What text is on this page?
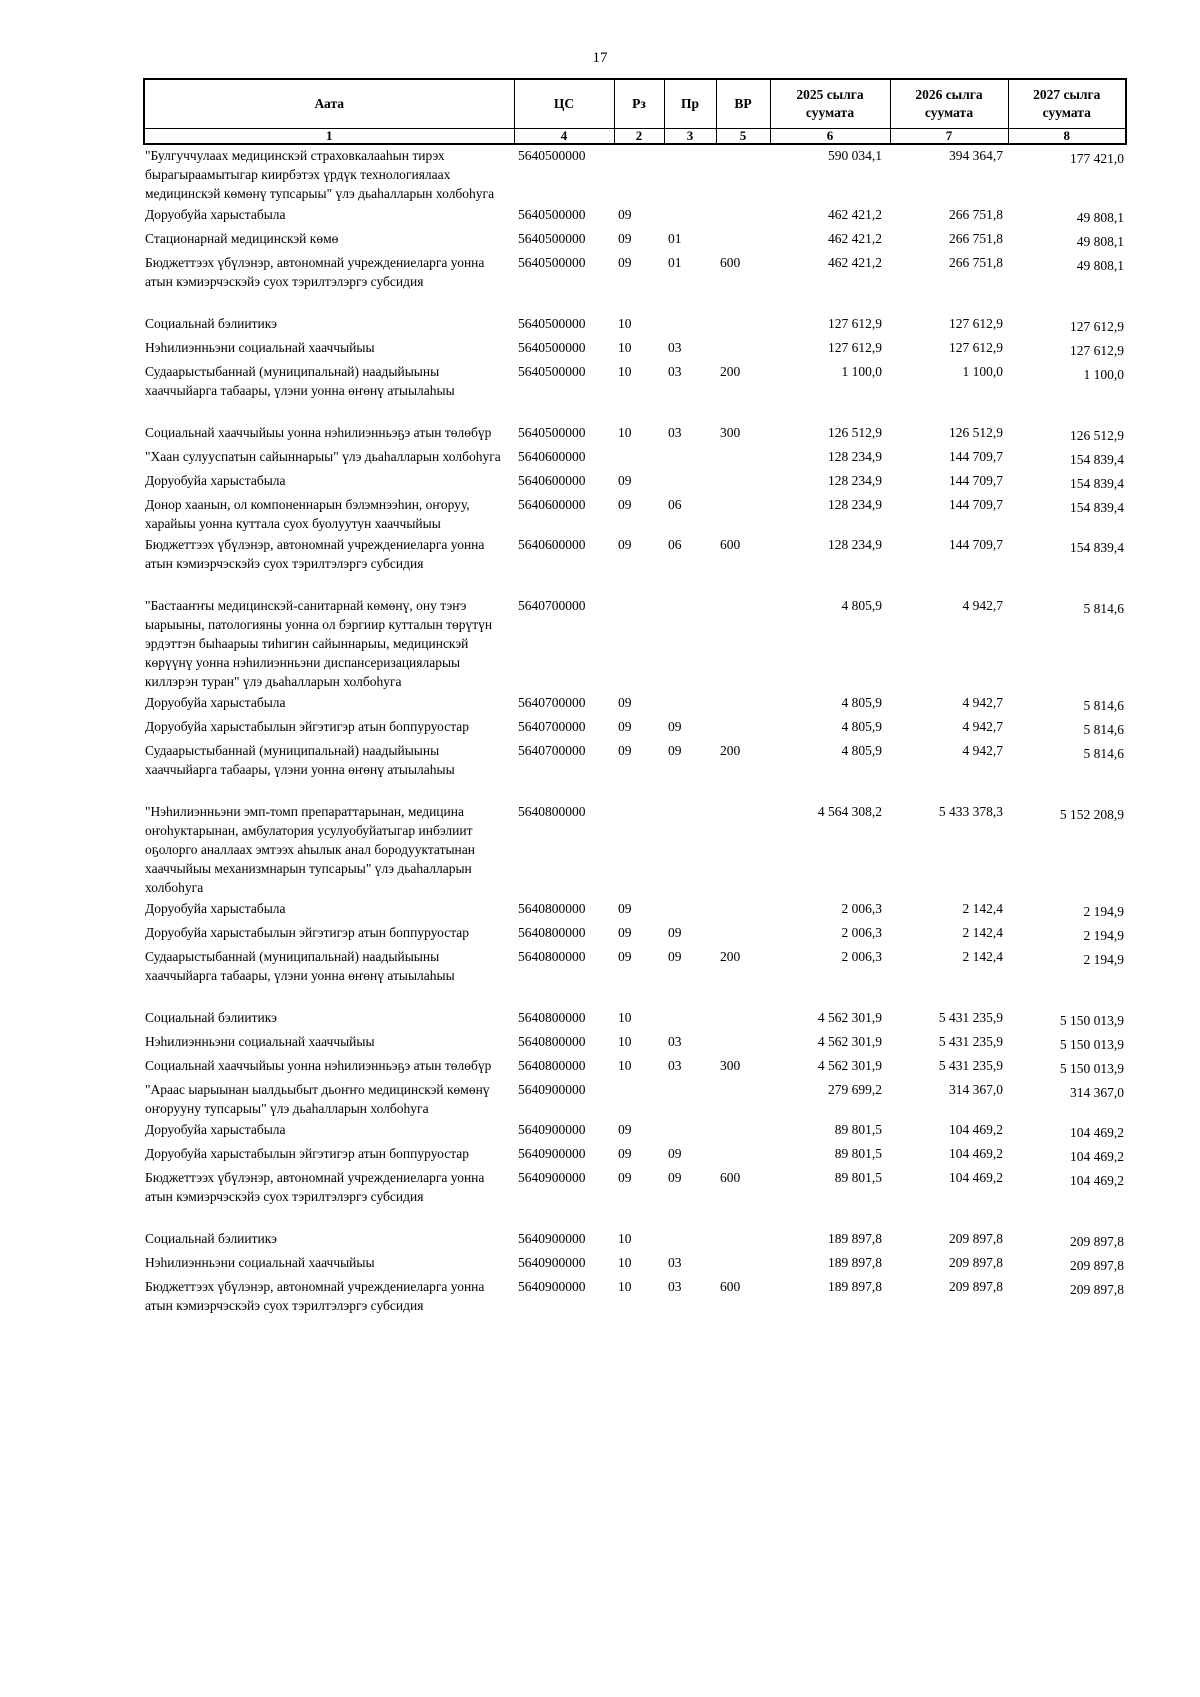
17
Аата	ЦС	Рз	Пр	ВР	2025 сылга суумата	2026 сылга суумата	2027 сылга суумата
1	4	2	3	5	6	7	8
"Булгуччулаах медицинскэй страховкалааһын тирэх бырагыраамытыгар киирбэтэх үрдүк технологиялаах медицинскэй көмөнү тупсарыы" үлэ дьаһалларын холбоһуга	5640500000				590 034,1	394 364,7	177 421,0
Доруобуйа харыстабыла	5640500000	09			462 421,2	266 751,8	49 808,1
Стационарнай медицинскэй көмө	5640500000	09	01		462 421,2	266 751,8	49 808,1
Бюджеттээх үбүлэнэр, автономнай учреждениеларга уонна атын кэмиэрчэскэйэ суох тэрилтэлэргэ субсидия	5640500000	09	01	600	462 421,2	266 751,8	49 808,1

Социальнай бэлиитикэ	5640500000	10			127 612,9	127 612,9	127 612,9
Нэһилиэнньэни социальнай хааччыйыы	5640500000	10	03		127 612,9	127 612,9	127 612,9
Судаарыстыбаннай (муниципальнай) наадыйыыны хааччыйарга табаары, үлэни уонна өҥөнү атыылаһыы	5640500000	10	03	200	1 100,0	1 100,0	1 100,0

Социальнай хааччыйыы уонна нэһилиэнньэҕэ атын төлөбүр	5640500000	10	03	300	126 512,9	126 512,9	126 512,9
"Хаан сулууспатын сайыннарыы" үлэ дьаһалларын холбоһуга	5640600000				128 234,9	144 709,7	154 839,4
Доруобуйа харыстабыла	5640600000	09			128 234,9	144 709,7	154 839,4
Донор хаанын, ол компоненнарын бэлэмнээһин, оҥоруу, харайыы уонна куттала суох буолуутун хааччыйыы	5640600000	09	06		128 234,9	144 709,7	154 839,4
Бюджеттээх үбүлэнэр, автономнай учреждениеларга уонна атын кэмиэрчэскэйэ суох тэрилтэлэргэ субсидия	5640600000	09	06	600	128 234,9	144 709,7	154 839,4

"Бастааҥҥы медицинскэй-санитарнай көмөнү, ону тэҥэ ыарыыны, патологияны уонна ол бэргиир кутталын төрүтүн эрдэттэн быһаарыы тиһигин сайыннарыы, медицинскэй көрүүнү уонна нэһилиэнньэни диспансеризацияларыы киллэрэн туран" үлэ дьаһалларын холбоһуга	5640700000				4 805,9	4 942,7	5 814,6
Доруобуйа харыстабыла	5640700000	09			4 805,9	4 942,7	5 814,6
Доруобуйа харыстабылын эйгэтигэр атын боппуруостар	5640700000	09	09		4 805,9	4 942,7	5 814,6
Судаарыстыбаннай (муниципальнай) наадыйыыны хааччыйарга табаары, үлэни уонна өҥөнү атыылаһыы	5640700000	09	09	200	4 805,9	4 942,7	5 814,6

"Нэһилиэнньэни эмп-томп препараттарынан, медицина оҥоһуктарынан, амбулатория усулуобуйатыгар инбэлиит оҕолорго аналлаах эмтээх аһылык анал бородууктатынан хааччыйыы механизмнарын тупсарыы" үлэ дьаһалларын холбоһуга	5640800000				4 564 308,2	5 433 378,3	5 152 208,9
Доруобуйа харыстабыла	5640800000	09			2 006,3	2 142,4	2 194,9
Доруобуйа харыстабылын эйгэтигэр атын боппуруостар	5640800000	09	09		2 006,3	2 142,4	2 194,9
Судаарыстыбаннай (муниципальнай) наадыйыыны хааччыйарга табаары, үлэни уонна өҥөнү атыылаһыы	5640800000	09	09	200	2 006,3	2 142,4	2 194,9

Социальнай бэлиитикэ	5640800000	10			4 562 301,9	5 431 235,9	5 150 013,9
Нэһилиэнньэни социальнай хааччыйыы	5640800000	10	03		4 562 301,9	5 431 235,9	5 150 013,9
Социальнай хааччыйыы уонна нэһилиэнньэҕэ атын төлөбүр	5640800000	10	03	300	4 562 301,9	5 431 235,9	5 150 013,9
"Араас ыарыынан ыалдьыбыт дьоҥҥо медицинскэй көмөнү оҥорууну тупсарыы" үлэ дьаһалларын холбоһуга	5640900000				279 699,2	314 367,0	314 367,0
Доруобуйа харыстабыла	5640900000	09			89 801,5	104 469,2	104 469,2
Доруобуйа харыстабылын эйгэтигэр атын боппуруостар	5640900000	09	09		89 801,5	104 469,2	104 469,2
Бюджеттээх үбүлэнэр, автономнай учреждениеларга уонна атын кэмиэрчэскэйэ суох тэрилтэлэргэ субсидия	5640900000	09	09	600	89 801,5	104 469,2	104 469,2

Социальнай бэлиитикэ	5640900000	10			189 897,8	209 897,8	209 897,8
Нэһилиэнньэни социальнай хааччыйыы	5640900000	10	03		189 897,8	209 897,8	209 897,8
Бюджеттээх үбүлэнэр, автономнай учреждениеларга уонна атын кэмиэрчэскэйэ суох тэрилтэлэргэ субсидия	5640900000	10	03	600	189 897,8	209 897,8	209 897,8
